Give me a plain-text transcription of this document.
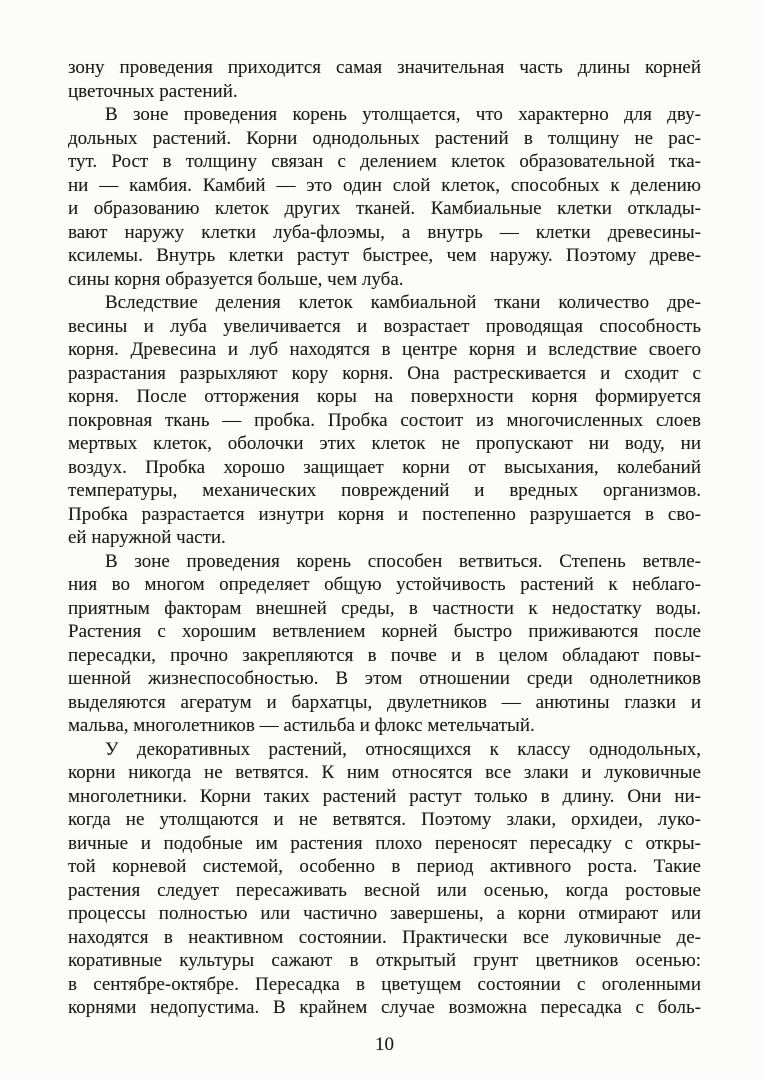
зону проведения приходится самая значительная часть длины корней
цветочных растений.
В зоне проведения корень утолщается, что характерно для дву-
дольных растений. Корни однодольных растений в толщину не рас-
тут. Рост в толщину связан с делением клеток образовательной тка-
ни — камбия. Камбий — это один слой клеток, способных к делению
и образованию клеток других тканей. Камбиальные клетки отклады-
вают наружу клетки луба-флоэмы, а внутрь — клетки древесины-
ксилемы. Внутрь клетки растут быстрее, чем наружу. Поэтому древе-
сины корня образуется больше, чем луба.
Вследствие деления клеток камбиальной ткани количество дре-
весины и луба увеличивается и возрастает проводящая способность
корня. Древесина и луб находятся в центре корня и вследствие своего
разрастания разрыхляют кору корня. Она растрескивается и сходит с
корня. После отторжения коры на поверхности корня формируется
покровная ткань — пробка. Пробка состоит из многочисленных слоев
мертвых клеток, оболочки этих клеток не пропускают ни воду, ни
воздух. Пробка хорошо защищает корни от высыхания, колебаний
температуры, механических повреждений и вредных организмов.
Пробка разрастается изнутри корня и постепенно разрушается в сво-
ей наружной части.
В зоне проведения корень способен ветвиться. Степень ветвле-
ния во многом определяет общую устойчивость растений к неблаго-
приятным факторам внешней среды, в частности к недостатку воды.
Растения с хорошим ветвлением корней быстро приживаются после
пересадки, прочно закрепляются в почве и в целом обладают повы-
шенной жизнеспособностью. В этом отношении среди однолетников
выделяются агератум и бархатцы, двулетников — анютины глазки и
мальва, многолетников — астильба и флокс метельчатый.
У декоративных растений, относящихся к классу однодольных,
корни никогда не ветвятся. К ним относятся все злаки и луковичные
многолетники. Корни таких растений растут только в длину. Они ни-
когда не утолщаются и не ветвятся. Поэтому злаки, орхидеи, луко-
вичные и подобные им растения плохо переносят пересадку с откры-
той корневой системой, особенно в период активного роста. Такие
растения следует пересаживать весной или осенью, когда ростовые
процессы полностью или частично завершены, а корни отмирают или
находятся в неактивном состоянии. Практически все луковичные де-
коративные культуры сажают в открытый грунт цветников осенью:
в сентябре-октябре. Пересадка в цветущем состоянии с оголенными
корнями недопустима. В крайнем случае возможна пересадка с боль-
10
